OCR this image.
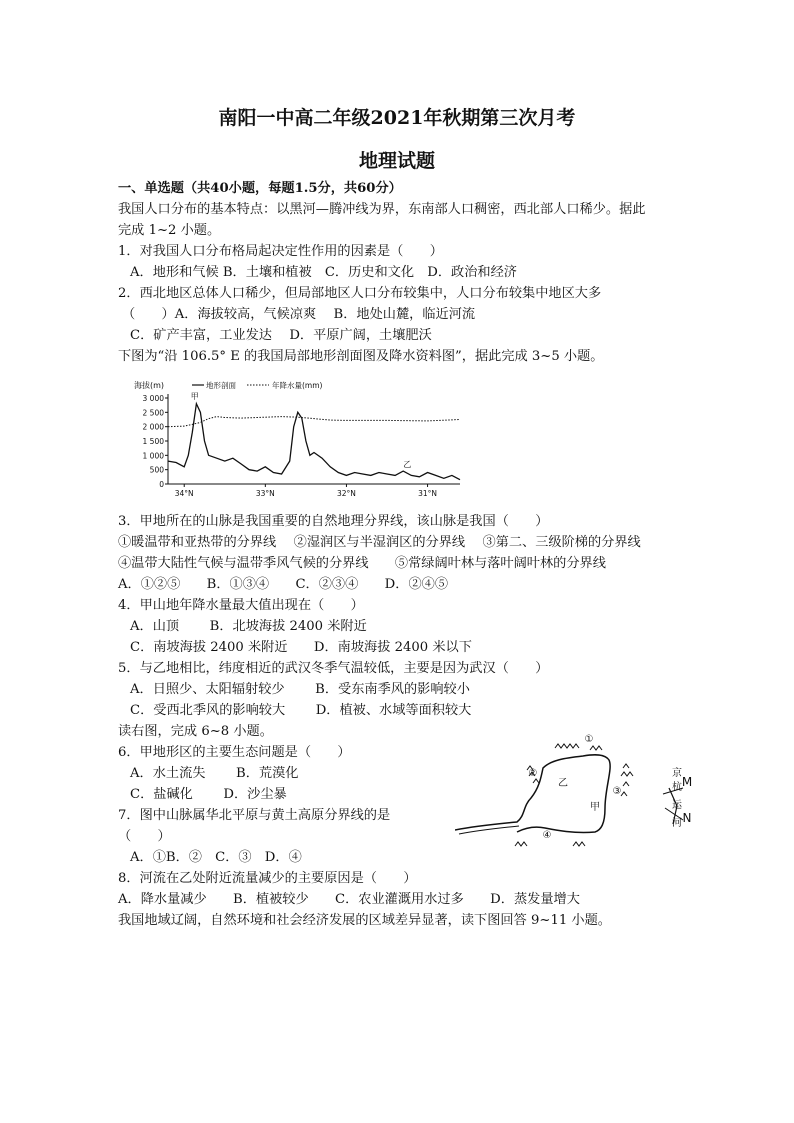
南阳一中高二年级2021年秋期第三次月考
地理试题
一、单选题（共40小题，每题1.5分，共60分）
我国人口分布的基本特点：以黑河—腾冲线为界，东南部人口稠密，西北部人口稀少。据此
完成 1~2 小题。
1．对我国人口分布格局起决定性作用的因素是（　　）
A．地形和气候 B．土壤和植被　C．历史和文化　D．政治和经济
2．西北地区总体人口稀少，但局部地区人口分布较集中，人口分布较集中地区大多
（　　）A．海拔较高，气候凉爽　 B．地处山麓，临近河流
C．矿产丰富，工业发达　 D．平原广阔，土壤肥沃
下图为“沿 106.5° E 的我国局部地形剖面图及降水资料图”，据此完成 3~5 小题。
海拔(m)	地形剖面	年降水量(mm)
3 000
2 500
2 000
1 500
1 000
500
0
34°N	33°N	32°N	31°N
甲
乙
3．甲地所在的山脉是我国重要的自然地理分界线，该山脉是我国（　　）
①暖温带和亚热带的分界线　 ②湿润区与半湿润区的分界线　 ③第二、三级阶梯的分界线
④温带大陆性气候与温带季风气候的分界线　　⑤常绿阔叶林与落叶阔叶林的分界线
A．①②⑤　　B．①③④　　C．②③④　　D．②④⑤
4．甲山地年降水量最大值出现在（　　）
A．山顶　　 B．北坡海拔 2400 米附近
C．南坡海拔 2400 米附近　　D．南坡海拔 2400 米以下
5．与乙地相比，纬度相近的武汉冬季气温较低，主要是因为武汉（　　）
A．日照少、太阳辐射较少　　 B．受东南季风的影响较小
C．受西北季风的影响较大　　 D．植被、水域等面积较大
读右图，完成 6~8 小题。
6．甲地形区的主要生态问题是（　　）
A．水土流失　　 B．荒漠化
C．盐碱化　　 D．沙尘暴
7．图中山脉属华北平原与黄土高原分界线的是
（　　）
A．①B．②　C．③　D．④
8．河流在乙处附近流量减少的主要原因是（　　）
A．降水量减少　　B．植被较少　　C．农业灌溉用水过多　　D．蒸发量增大
我国地域辽阔，自然环境和社会经济发展的区域差异显著，读下图回答 9~11 小题。
①
②
③
④
乙
甲
京
杭
运
河
M
N
